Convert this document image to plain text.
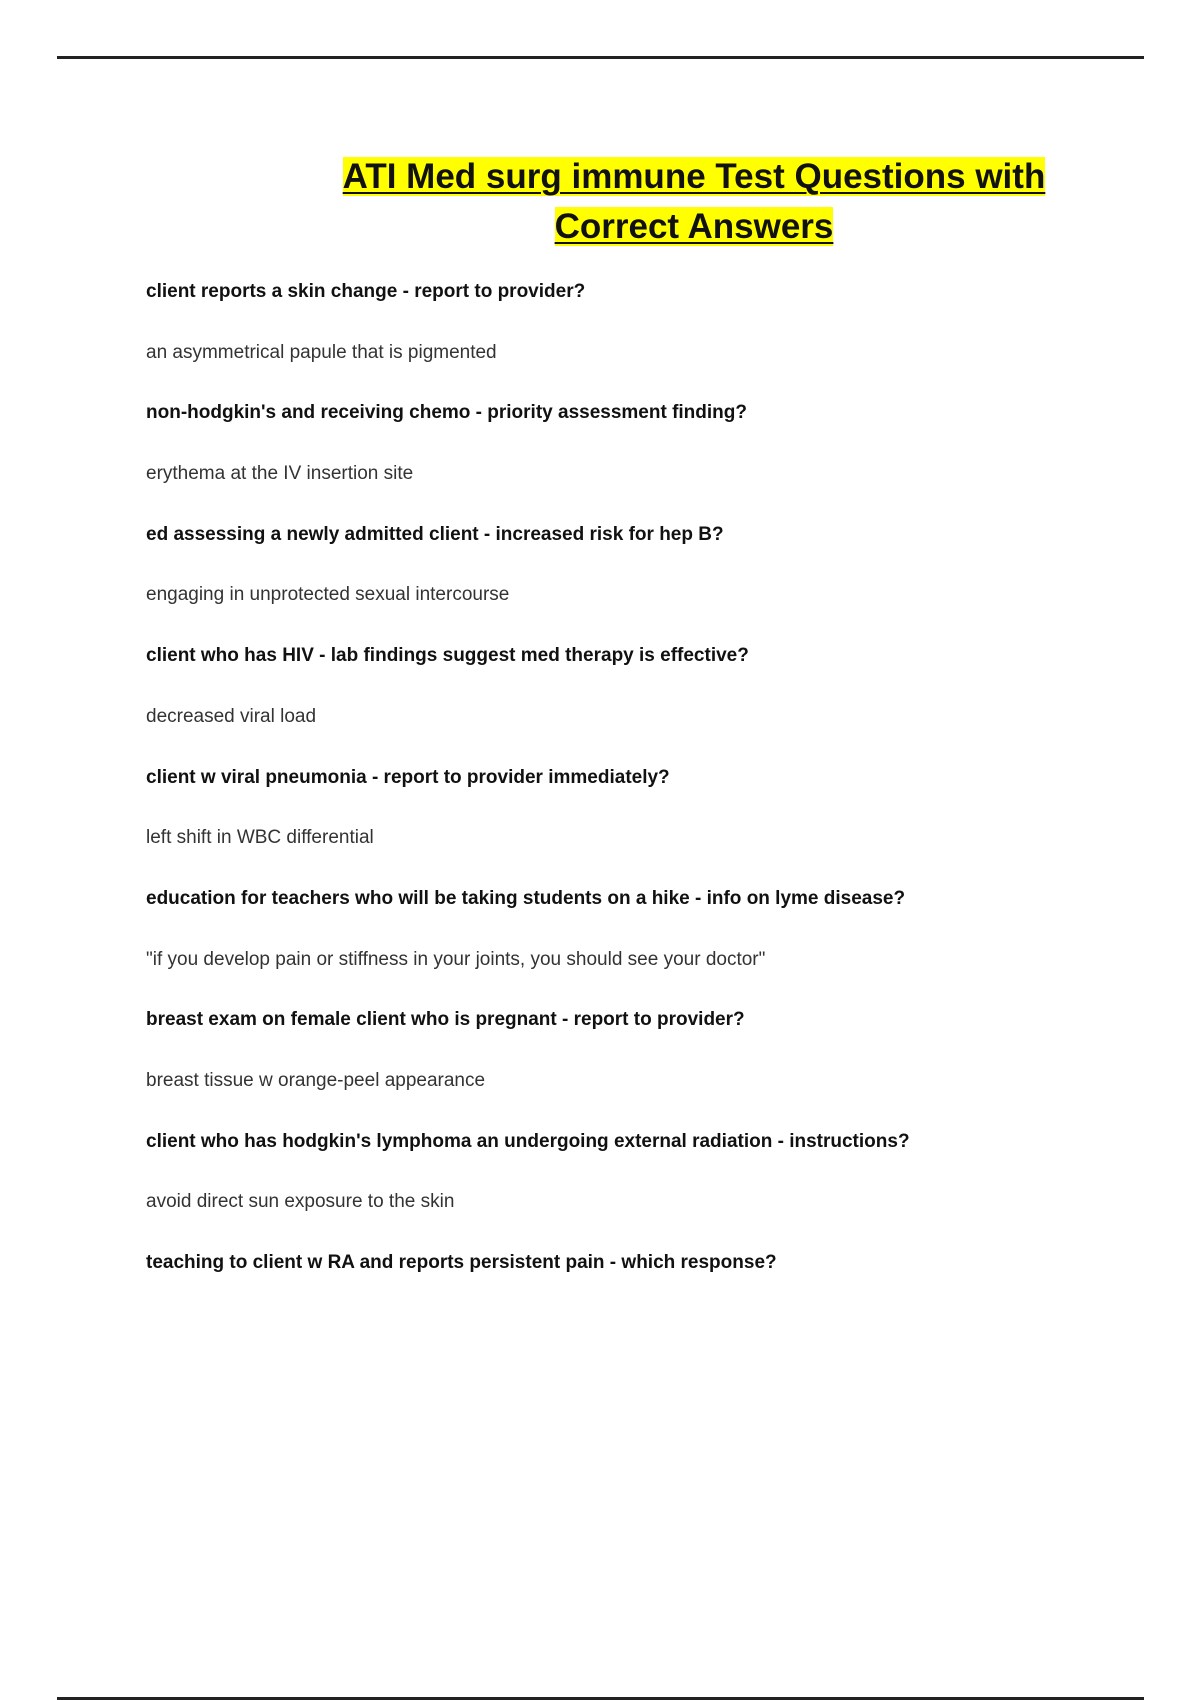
ATI Med surg immune Test Questions with
Correct Answers
client reports a skin change - report to provider?
an asymmetrical papule that is pigmented
non-hodgkin's and receiving chemo - priority assessment finding?
erythema at the IV insertion site
ed assessing a newly admitted client - increased risk for hep B?
engaging in unprotected sexual intercourse
client who has HIV - lab findings suggest med therapy is effective?
decreased viral load
client w viral pneumonia - report to provider immediately?
left shift in WBC differential
education for teachers who will be taking students on a hike - info on lyme disease?
"if you develop pain or stiffness in your joints, you should see your doctor"
breast exam on female client who is pregnant - report to provider?
breast tissue w orange-peel appearance
client who has hodgkin's lymphoma an undergoing external radiation - instructions?
avoid direct sun exposure to the skin
teaching to client w RA and reports persistent pain - which response?
